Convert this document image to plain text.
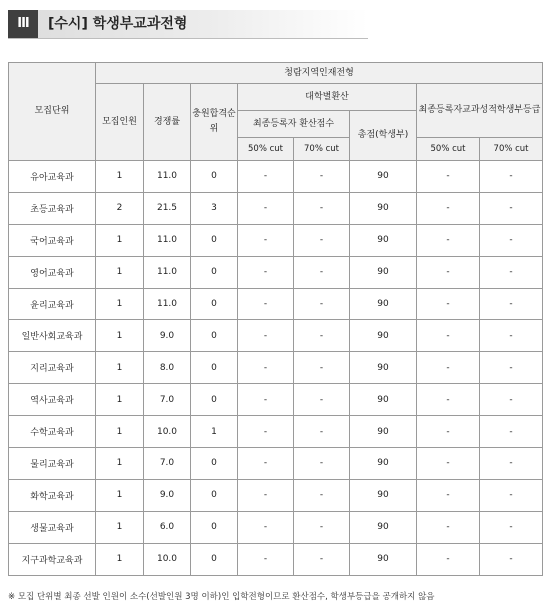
III	[수시] 학생부교과전형
모집단위	청람지역인재전형							
	모집인원	경쟁률	충원합격순위	대학별환산			최종등록자교과성적학생부등급	
				최종등록자 환산점수		총점(학생부)		
				50% cut	70% cut		50% cut	70% cut
유아교육과	1	11.0	0	-	-	90	-	-
초등교육과	2	21.5	3	-	-	90	-	-
국어교육과	1	11.0	0	-	-	90	-	-
영어교육과	1	11.0	0	-	-	90	-	-
윤리교육과	1	11.0	0	-	-	90	-	-
일반사회교육과	1	9.0	0	-	-	90	-	-
지리교육과	1	8.0	0	-	-	90	-	-
역사교육과	1	7.0	0	-	-	90	-	-
수학교육과	1	10.0	1	-	-	90	-	-
물리교육과	1	7.0	0	-	-	90	-	-
화학교육과	1	9.0	0	-	-	90	-	-
생물교육과	1	6.0	0	-	-	90	-	-
지구과학교육과	1	10.0	0	-	-	90	-	-
※ 모집 단위별 최종 선발 인원이 소수(선발인원 3명 이하)인 입학전형이므로 환산점수, 학생부등급을 공개하지 않음
